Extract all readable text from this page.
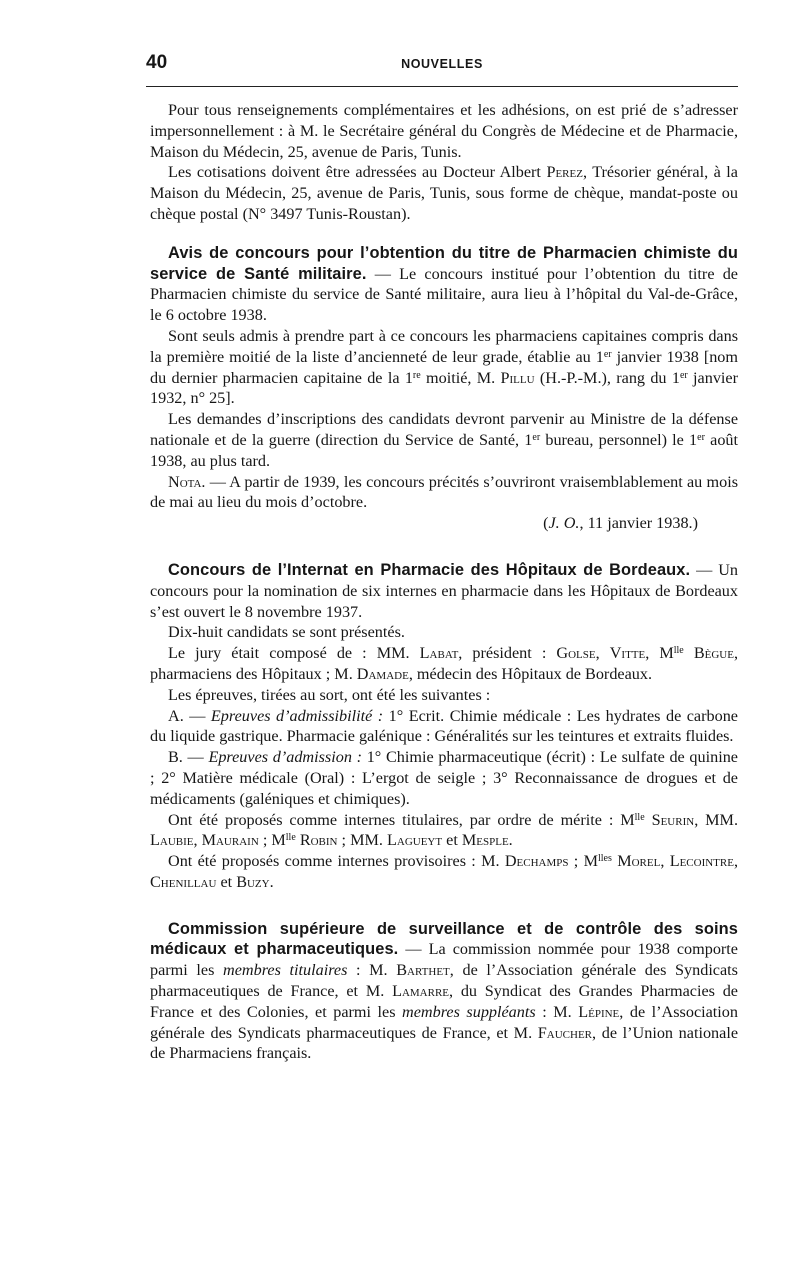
40	NOUVELLES

Pour tous renseignements complémentaires et les adhésions, on est prié de s’adresser impersonnellement : à M. le Secrétaire général du Congrès de Médecine et de Pharmacie, Maison du Médecin, 25, avenue de Paris, Tunis.

Les cotisations doivent être adressées au Docteur Albert Perez, Trésorier général, à la Maison du Médecin, 25, avenue de Paris, Tunis, sous forme de chèque, mandat-poste ou chèque postal (N° 3497 Tunis-Roustan).

Avis de concours pour l’obtention du titre de Pharmacien chimiste du service de Santé militaire. — Le concours institué pour l’obtention du titre de Pharmacien chimiste du service de Santé militaire, aura lieu à l’hôpital du Val-de-Grâce, le 6 octobre 1938.

Sont seuls admis à prendre part à ce concours les pharmaciens capitaines compris dans la première moitié de la liste d’ancienneté de leur grade, établie au 1er janvier 1938 [nom du dernier pharmacien capitaine de la 1re moitié, M. Pillu (H.-P.-M.), rang du 1er janvier 1932, n° 25].

Les demandes d’inscriptions des candidats devront parvenir au Ministre de la défense nationale et de la guerre (direction du Service de Santé, 1er bureau, personnel) le 1er août 1938, au plus tard.

Nota. — A partir de 1939, les concours précités s’ouvriront vraisemblablement au mois de mai au lieu du mois d’octobre.

(J. O., 11 janvier 1938.)

Concours de l’Internat en Pharmacie des Hôpitaux de Bordeaux. — Un concours pour la nomination de six internes en pharmacie dans les Hôpitaux de Bordeaux s’est ouvert le 8 novembre 1937.

Dix-huit candidats se sont présentés.

Le jury était composé de : MM. Labat, président : Golse, Vitte, $M^{lle}$ Bègue, pharmaciens des Hôpitaux ; M. Damade, médecin des Hôpitaux de Bordeaux.

Les épreuves, tirées au sort, ont été les suivantes :

A. — Epreuves d’admissibilité : 1° Ecrit. Chimie médicale : Les hydrates de carbone du liquide gastrique. Pharmacie galénique : Généralités sur les teintures et extraits fluides.

B. — Epreuves d’admission : 1° Chimie pharmaceutique (écrit) : Le sulfate de quinine ; 2° Matière médicale (Oral) : L’ergot de seigle ; 3° Reconnaissance de drogues et de médicaments (galéniques et chimiques).

Ont été proposés comme internes titulaires, par ordre de mérite : $M^{lle}$ Seurin, MM. Laubie, Maurain ; $M^{lle}$ Robin ; MM. Lagueyt et Mesple.

Ont été proposés comme internes provisoires : M. Dechamps ; $M^{lles}$ Morel, Lecointre, Chenillau et Buzy.

Commission supérieure de surveillance et de contrôle des soins médicaux et pharmaceutiques. — La commission nommée pour 1938 comporte parmi les membres titulaires : M. Barthet, de l’Association générale des Syndicats pharmaceutiques de France, et M. Lamarre, du Syndicat des Grandes Pharmacies de France et des Colonies, et parmi les membres suppléants : M. Lépine, de l’Association générale des Syndicats pharmaceutiques de France, et M. Faucher, de l’Union nationale de Pharmaciens français.
